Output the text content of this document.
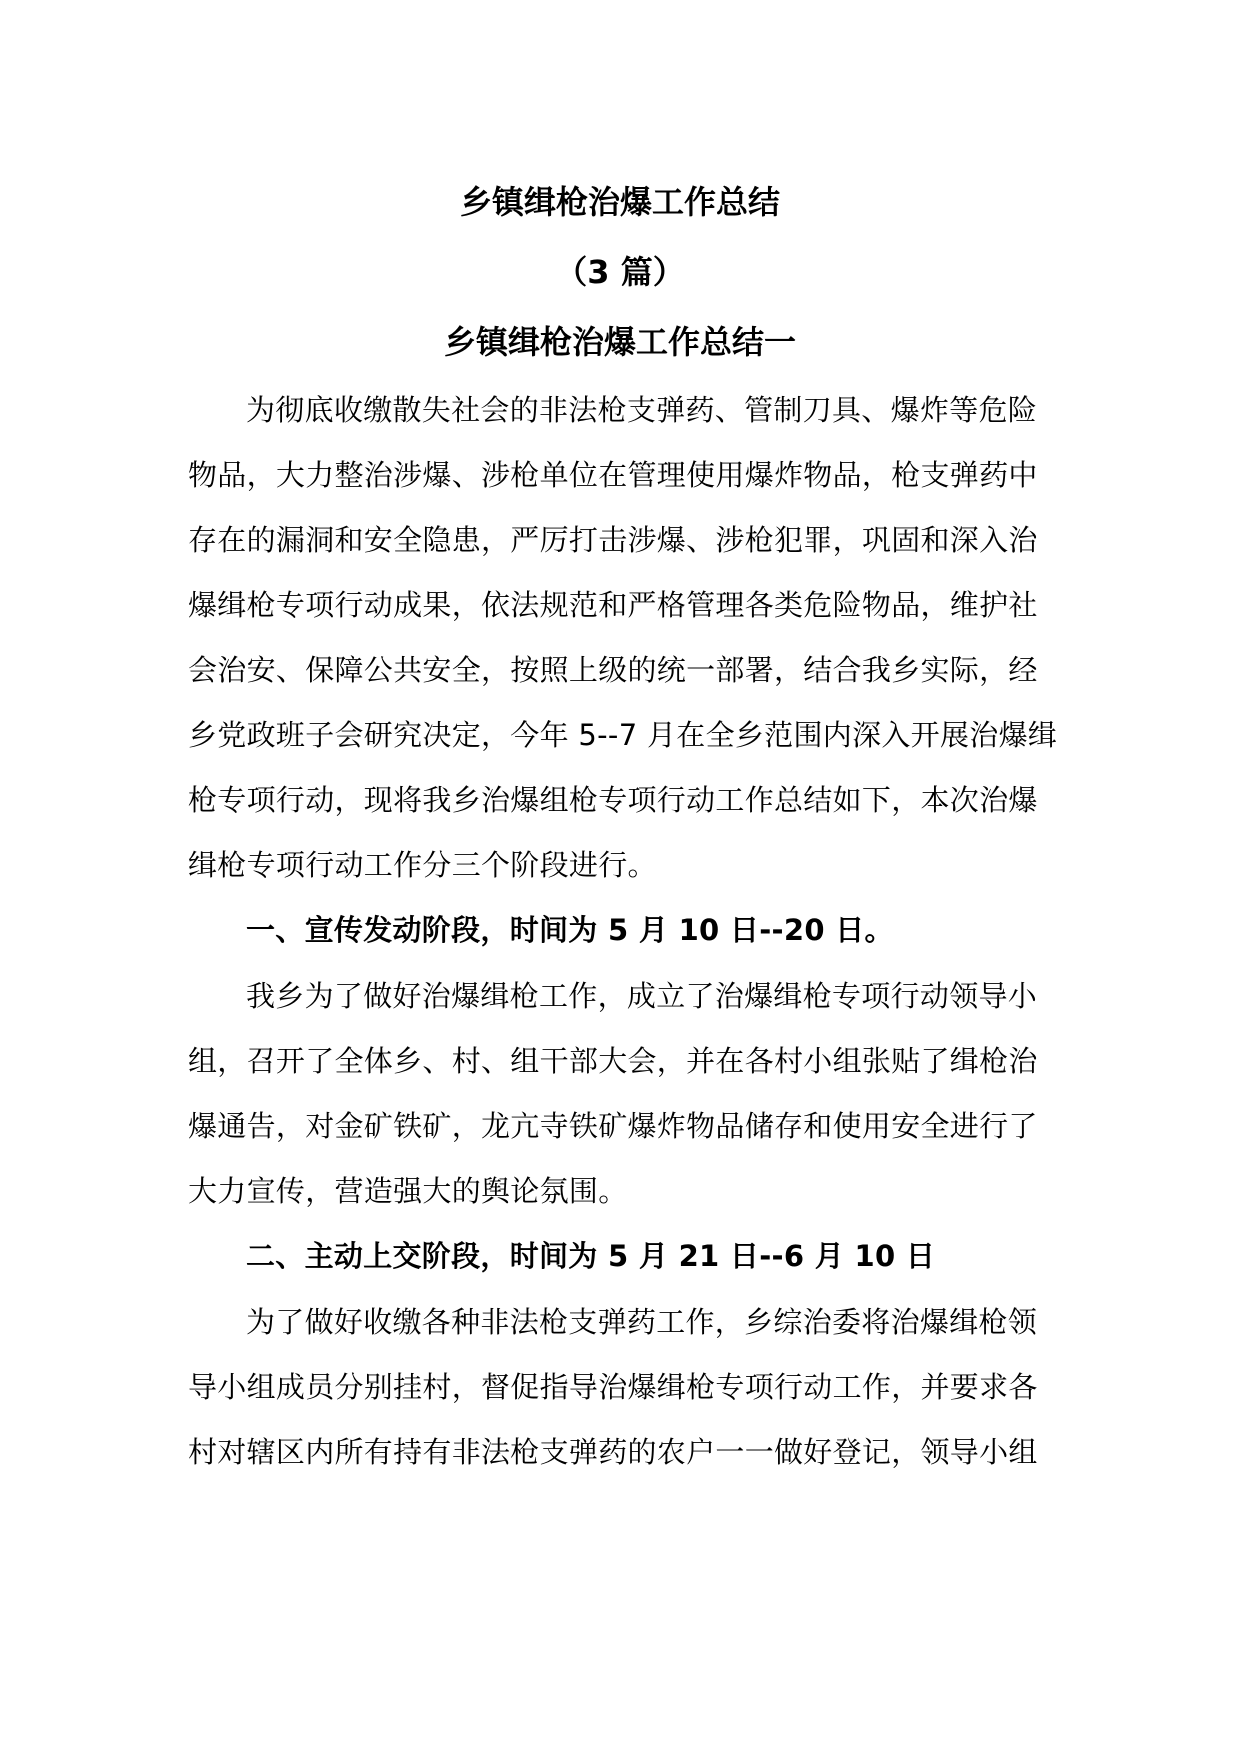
乡镇缉枪治爆工作总结
（3 篇）
乡镇缉枪治爆工作总结一

为彻底收缴散失社会的非法枪支弹药、管制刀具、爆炸等危险
物品，大力整治涉爆、涉枪单位在管理使用爆炸物品，枪支弹药中
存在的漏洞和安全隐患，严厉打击涉爆、涉枪犯罪，巩固和深入治
爆缉枪专项行动成果，依法规范和严格管理各类危险物品，维护社
会治安、保障公共安全，按照上级的统一部署，结合我乡实际，经
乡党政班子会研究决定，今年 5--7 月在全乡范围内深入开展治爆缉
枪专项行动，现将我乡治爆组枪专项行动工作总结如下，本次治爆
缉枪专项行动工作分三个阶段进行。

一、宣传发动阶段，时间为 5 月 10 日--20 日。

我乡为了做好治爆缉枪工作，成立了治爆缉枪专项行动领导小
组，召开了全体乡、村、组干部大会，并在各村小组张贴了缉枪治
爆通告，对金矿铁矿，龙亢寺铁矿爆炸物品储存和使用安全进行了
大力宣传，营造强大的舆论氛围。

二、主动上交阶段，时间为 5 月 21 日--6 月 10 日

为了做好收缴各种非法枪支弹药工作，乡综治委将治爆缉枪领
导小组成员分别挂村，督促指导治爆缉枪专项行动工作，并要求各
村对辖区内所有持有非法枪支弹药的农户一一做好登记，领导小组
